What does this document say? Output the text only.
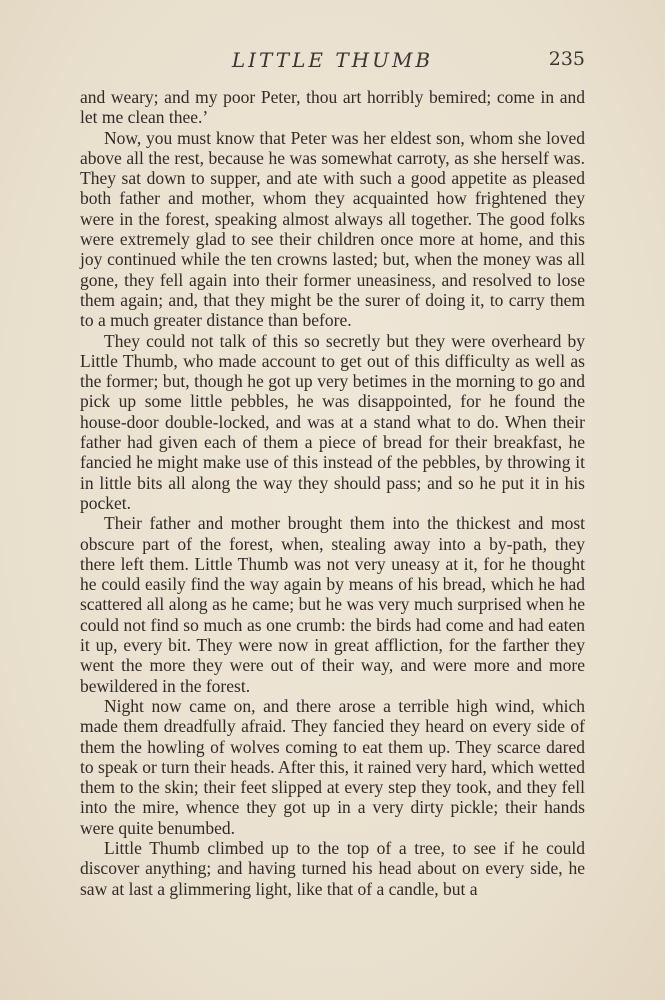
LITTLE THUMB	235

and weary; and my poor Peter, thou art horribly bemired; come in and let me clean thee.’

Now, you must know that Peter was her eldest son, whom she loved above all the rest, because he was somewhat carroty, as she herself was. They sat down to supper, and ate with such a good appetite as pleased both father and mother, whom they acquainted how frightened they were in the forest, speaking almost always all together. The good folks were extremely glad to see their children once more at home, and this joy continued while the ten crowns lasted; but, when the money was all gone, they fell again into their former uneasiness, and resolved to lose them again; and, that they might be the surer of doing it, to carry them to a much greater distance than before.

They could not talk of this so secretly but they were overheard by Little Thumb, who made account to get out of this difficulty as well as the former; but, though he got up very betimes in the morning to go and pick up some little pebbles, he was disappointed, for he found the house-door double-locked, and was at a stand what to do. When their father had given each of them a piece of bread for their breakfast, he fancied he might make use of this instead of the pebbles, by throwing it in little bits all along the way they should pass; and so he put it in his pocket.

Their father and mother brought them into the thickest and most obscure part of the forest, when, stealing away into a by-path, they there left them. Little Thumb was not very uneasy at it, for he thought he could easily find the way again by means of his bread, which he had scattered all along as he came; but he was very much surprised when he could not find so much as one crumb: the birds had come and had eaten it up, every bit. They were now in great affliction, for the farther they went the more they were out of their way, and were more and more bewildered in the forest.

Night now came on, and there arose a terrible high wind, which made them dreadfully afraid. They fancied they heard on every side of them the howling of wolves coming to eat them up. They scarce dared to speak or turn their heads. After this, it rained very hard, which wetted them to the skin; their feet slipped at every step they took, and they fell into the mire, whence they got up in a very dirty pickle; their hands were quite benumbed.

Little Thumb climbed up to the top of a tree, to see if he could discover anything; and having turned his head about on every side, he saw at last a glimmering light, like that of a candle, but a
